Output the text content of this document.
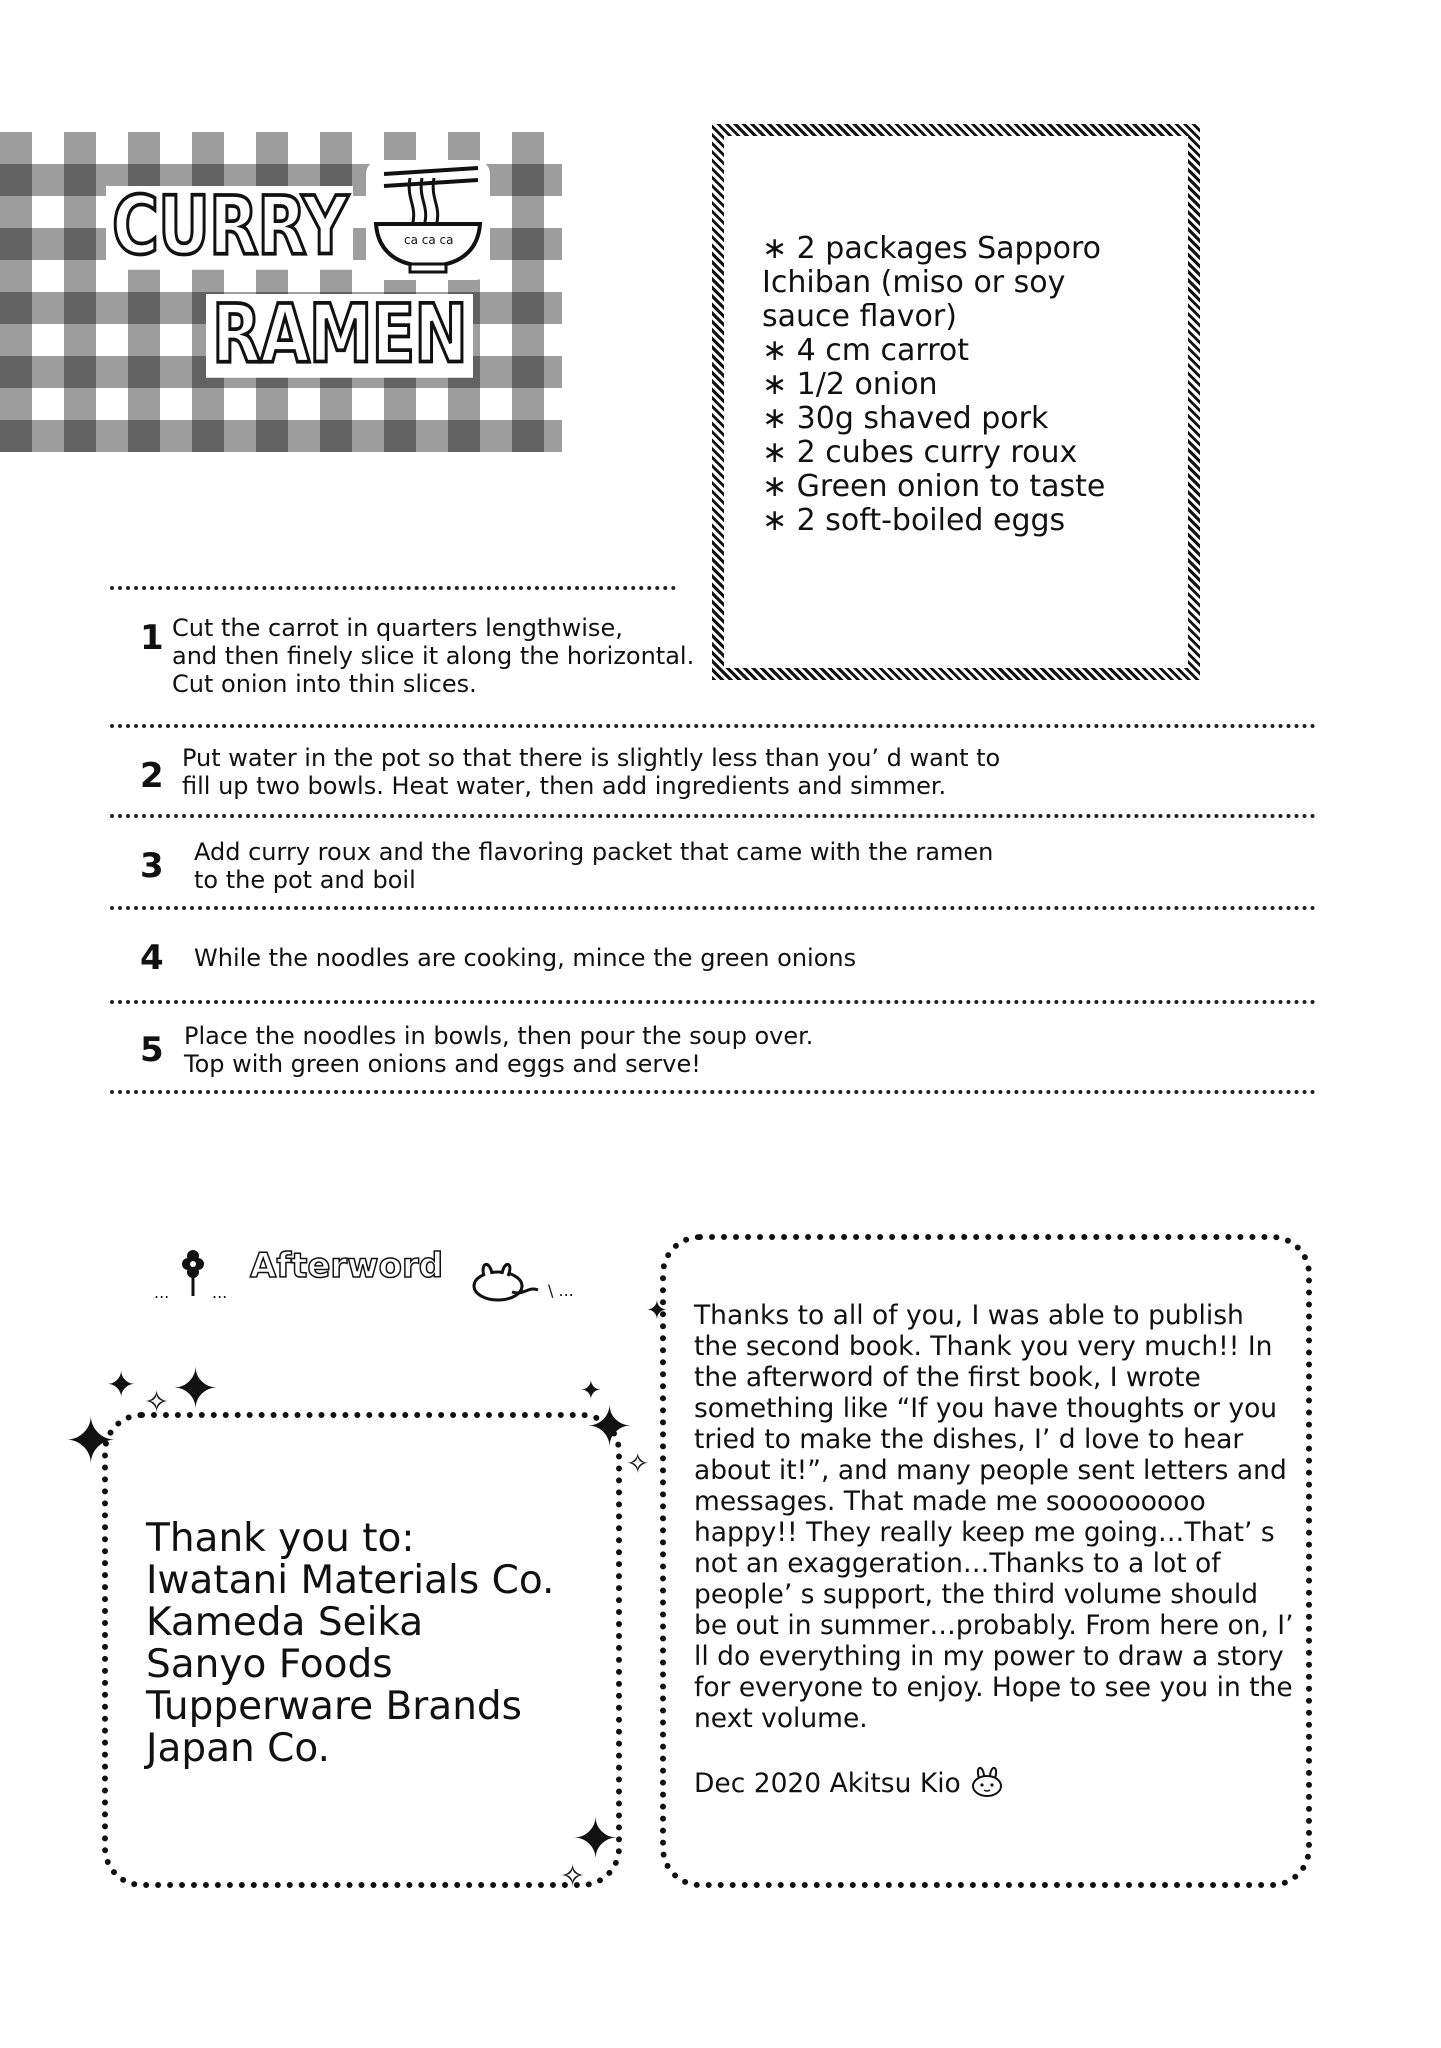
CURRY
RAMEN
ca ca ca	∗ 2 packages Sapporo
Ichiban (miso or soy
sauce flavor)
∗ 4 cm carrot
∗ 1/2 onion
∗ 30g shaved pork
∗ 2 cubes curry roux
∗ Green onion to taste
∗ 2 soft-boiled eggs
1 Cut the carrot in quarters lengthwise,
and then finely slice it along the horizontal.
Cut onion into thin slices.
2 Put water in the pot so that there is slightly less than you’ d want to
fill up two bowls. Heat water, then add ingredients and simmer.
3 Add curry roux and the flavoring packet that came with the ramen
to the pot and boil
4 While the noodles are cooking, mince the green onions
5 Place the noodles in bowls, then pour the soup over.
Top with green onions and eggs and serve!
...	...
Afterword
\ ...
✦
✦ ✧ ✦	✦
✦
✧
✦
✧
✦
Thank you to:
Iwatani Materials Co.
Kameda Seika
Sanyo Foods
Tupperware Brands
Japan Co.
Thanks to all of you, I was able to publish the second book. Thank you very much!! In the afterword of the first book, I wrote something like “If you have thoughts or you tried to make the dishes, I’ d love to hear about it!”, and many people sent letters and messages. That made me sooooooooo happy!! They really keep me going…That’ s not an exaggeration…Thanks to a lot of people’ s support, the third volume should be out in summer…probably. From here on, I’ ll do everything in my power to draw a story for everyone to enjoy. Hope to see you in the next volume.
Dec 2020 Akitsu Kio
